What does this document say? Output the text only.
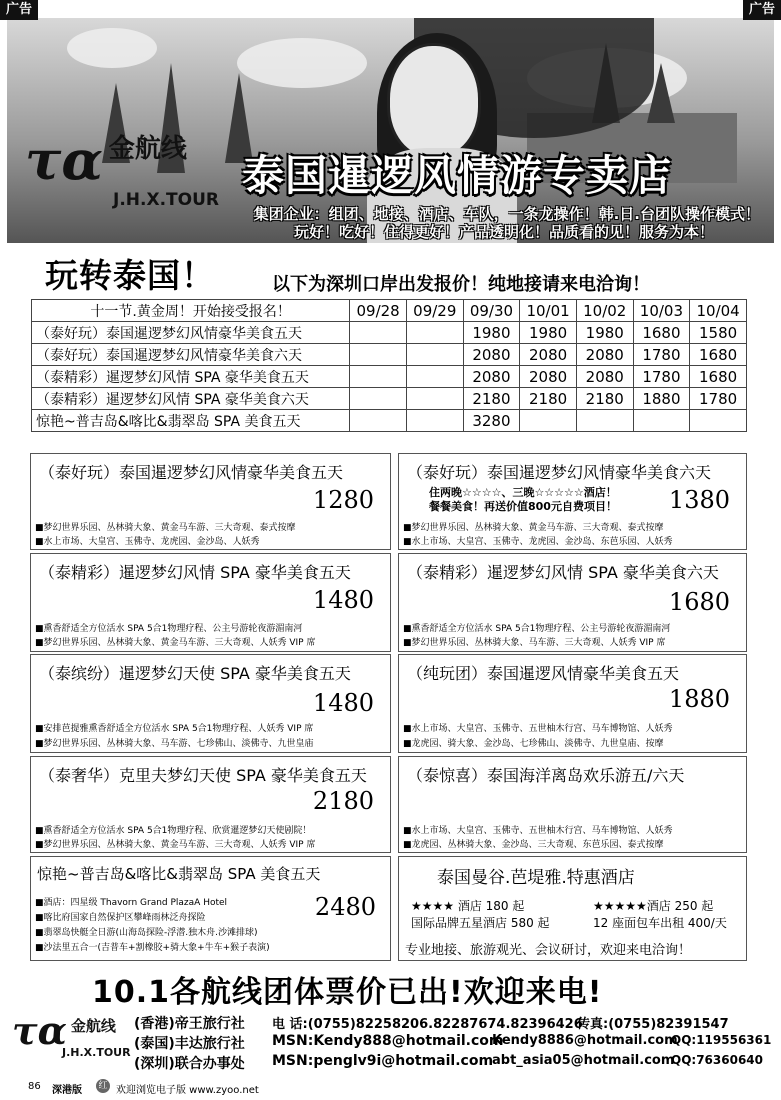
广告	广告
τα 金航线
J.H.X.TOUR 泰国暹逻风情游专卖店
集团企业：组团、地接、酒店、车队，一条龙操作！韩.日.台团队操作模式！
玩好！吃好！住得更好！产品透明化！品质看的见！服务为本！
玩转泰国！	以下为深圳口岸出发报价！纯地接请来电洽询！
十一节.黄金周！开始接受报名！	09/28	09/29	09/30	10/01	10/02	10/03	10/04
（泰好玩）泰国暹逻梦幻风情豪华美食五天			1980	1980	1980	1680	1580
（泰好玩）泰国暹逻梦幻风情豪华美食六天			2080	2080	2080	1780	1680
（泰精彩）暹逻梦幻风情 SPA 豪华美食五天			2080	2080	2080	1780	1680
（泰精彩）暹逻梦幻风情 SPA 豪华美食六天			2180	2180	2180	1880	1780
惊艳~普吉岛&喀比&翡翠岛 SPA 美食五天			3280				
（泰好玩）泰国暹逻梦幻风情豪华美食五天
1280
■梦幻世界乐园、丛林骑大象、黄金马车游、三大奇观、泰式按摩
■水上市场、大皇宫、玉佛寺、龙虎园、金沙岛、人妖秀
（泰好玩）泰国暹逻梦幻风情豪华美食六天
住两晚☆☆☆☆、三晚☆☆☆☆☆酒店！
餐餐美食！再送价值800元自费项目！ 1380
■梦幻世界乐园、丛林骑大象、黄金马车游、三大奇观、泰式按摩
■水上市场、大皇宫、玉佛寺、龙虎园、金沙岛、东芭乐园、人妖秀
（泰精彩）暹逻梦幻风情 SPA 豪华美食五天
1480
■熏香舒适全方位活水 SPA 5合1物理疗程、公主号游轮夜游湄南河
■梦幻世界乐园、丛林骑大象、黄金马车游、三大奇观、人妖秀 VIP 席
（泰精彩）暹逻梦幻风情 SPA 豪华美食六天
1680
■熏香舒适全方位活水 SPA 5合1物理疗程、公主号游轮夜游湄南河
■梦幻世界乐园、丛林骑大象、马车游、三大奇观、人妖秀 VIP 席
（泰缤纷）暹逻梦幻天使 SPA 豪华美食五天
1480
■安排芭提雅熏香舒适全方位活水 SPA 5合1物理疗程、人妖秀 VIP 席
■梦幻世界乐园、丛林骑大象、马车游、七珍佛山、淡佛寺、九世皇庙
（纯玩团）泰国暹逻风情豪华美食五天
1880
■水上市场、大皇宫、玉佛寺、五世柚木行宫、马车博物馆、人妖秀
■龙虎园、骑大象、金沙岛、七珍佛山、淡佛寺、九世皇庙、按摩
（泰奢华）克里夫梦幻天使 SPA 豪华美食五天
2180
■熏香舒适全方位活水 SPA 5合1物理疗程、欣赏暹逻梦幻天使剧院！
■梦幻世界乐园、丛林骑大象、黄金马车游、三大奇观、人妖秀 VIP 席
（泰惊喜）泰国海洋离岛欢乐游五/六天
■水上市场、大皇宫、玉佛寺、五世柚木行宫、马车博物馆、人妖秀
■龙虎园、丛林骑大象、金沙岛、三大奇观、东芭乐园、泰式按摩
惊艳~普吉岛&喀比&翡翠岛 SPA 美食五天
2480
■酒店：四星级 Thavorn Grand PlazaA Hotel
■喀比府国家自然保护区攀峰雨林泛舟探险
■翡翠岛快艇全日游(山海岛探险-浮潜.独木舟.沙滩排球)
■沙法里五合一(吉普车+割橡胶+骑大象+牛车+猴子表演)
泰国曼谷.芭堤雅.特惠酒店
★★★★ 酒店 180 起	★★★★★酒店 250 起
国际品牌五星酒店 580 起	12 座面包车出租 400/天
专业地接、旅游观光、会议研讨，欢迎来电洽询！
10.1各航线团体票价已出!欢迎来电!
τα 金航线
J.H.X.TOUR
(香港)帝王旅行社 电 话:(0755)82258206.82287674.82396426
传真:(0755)82391547
(泰国)丰达旅行社 MSN:Kendy888@hotmail.com
Kendy8886@hotmail.com
QQ:119556361
(深圳)联合办事处 MSN:penglv9i@hotmail.com
abt_asia05@hotmail.com
QQ:76360640
86 深港版 红 欢迎浏览电子版 www.zyoo.net
